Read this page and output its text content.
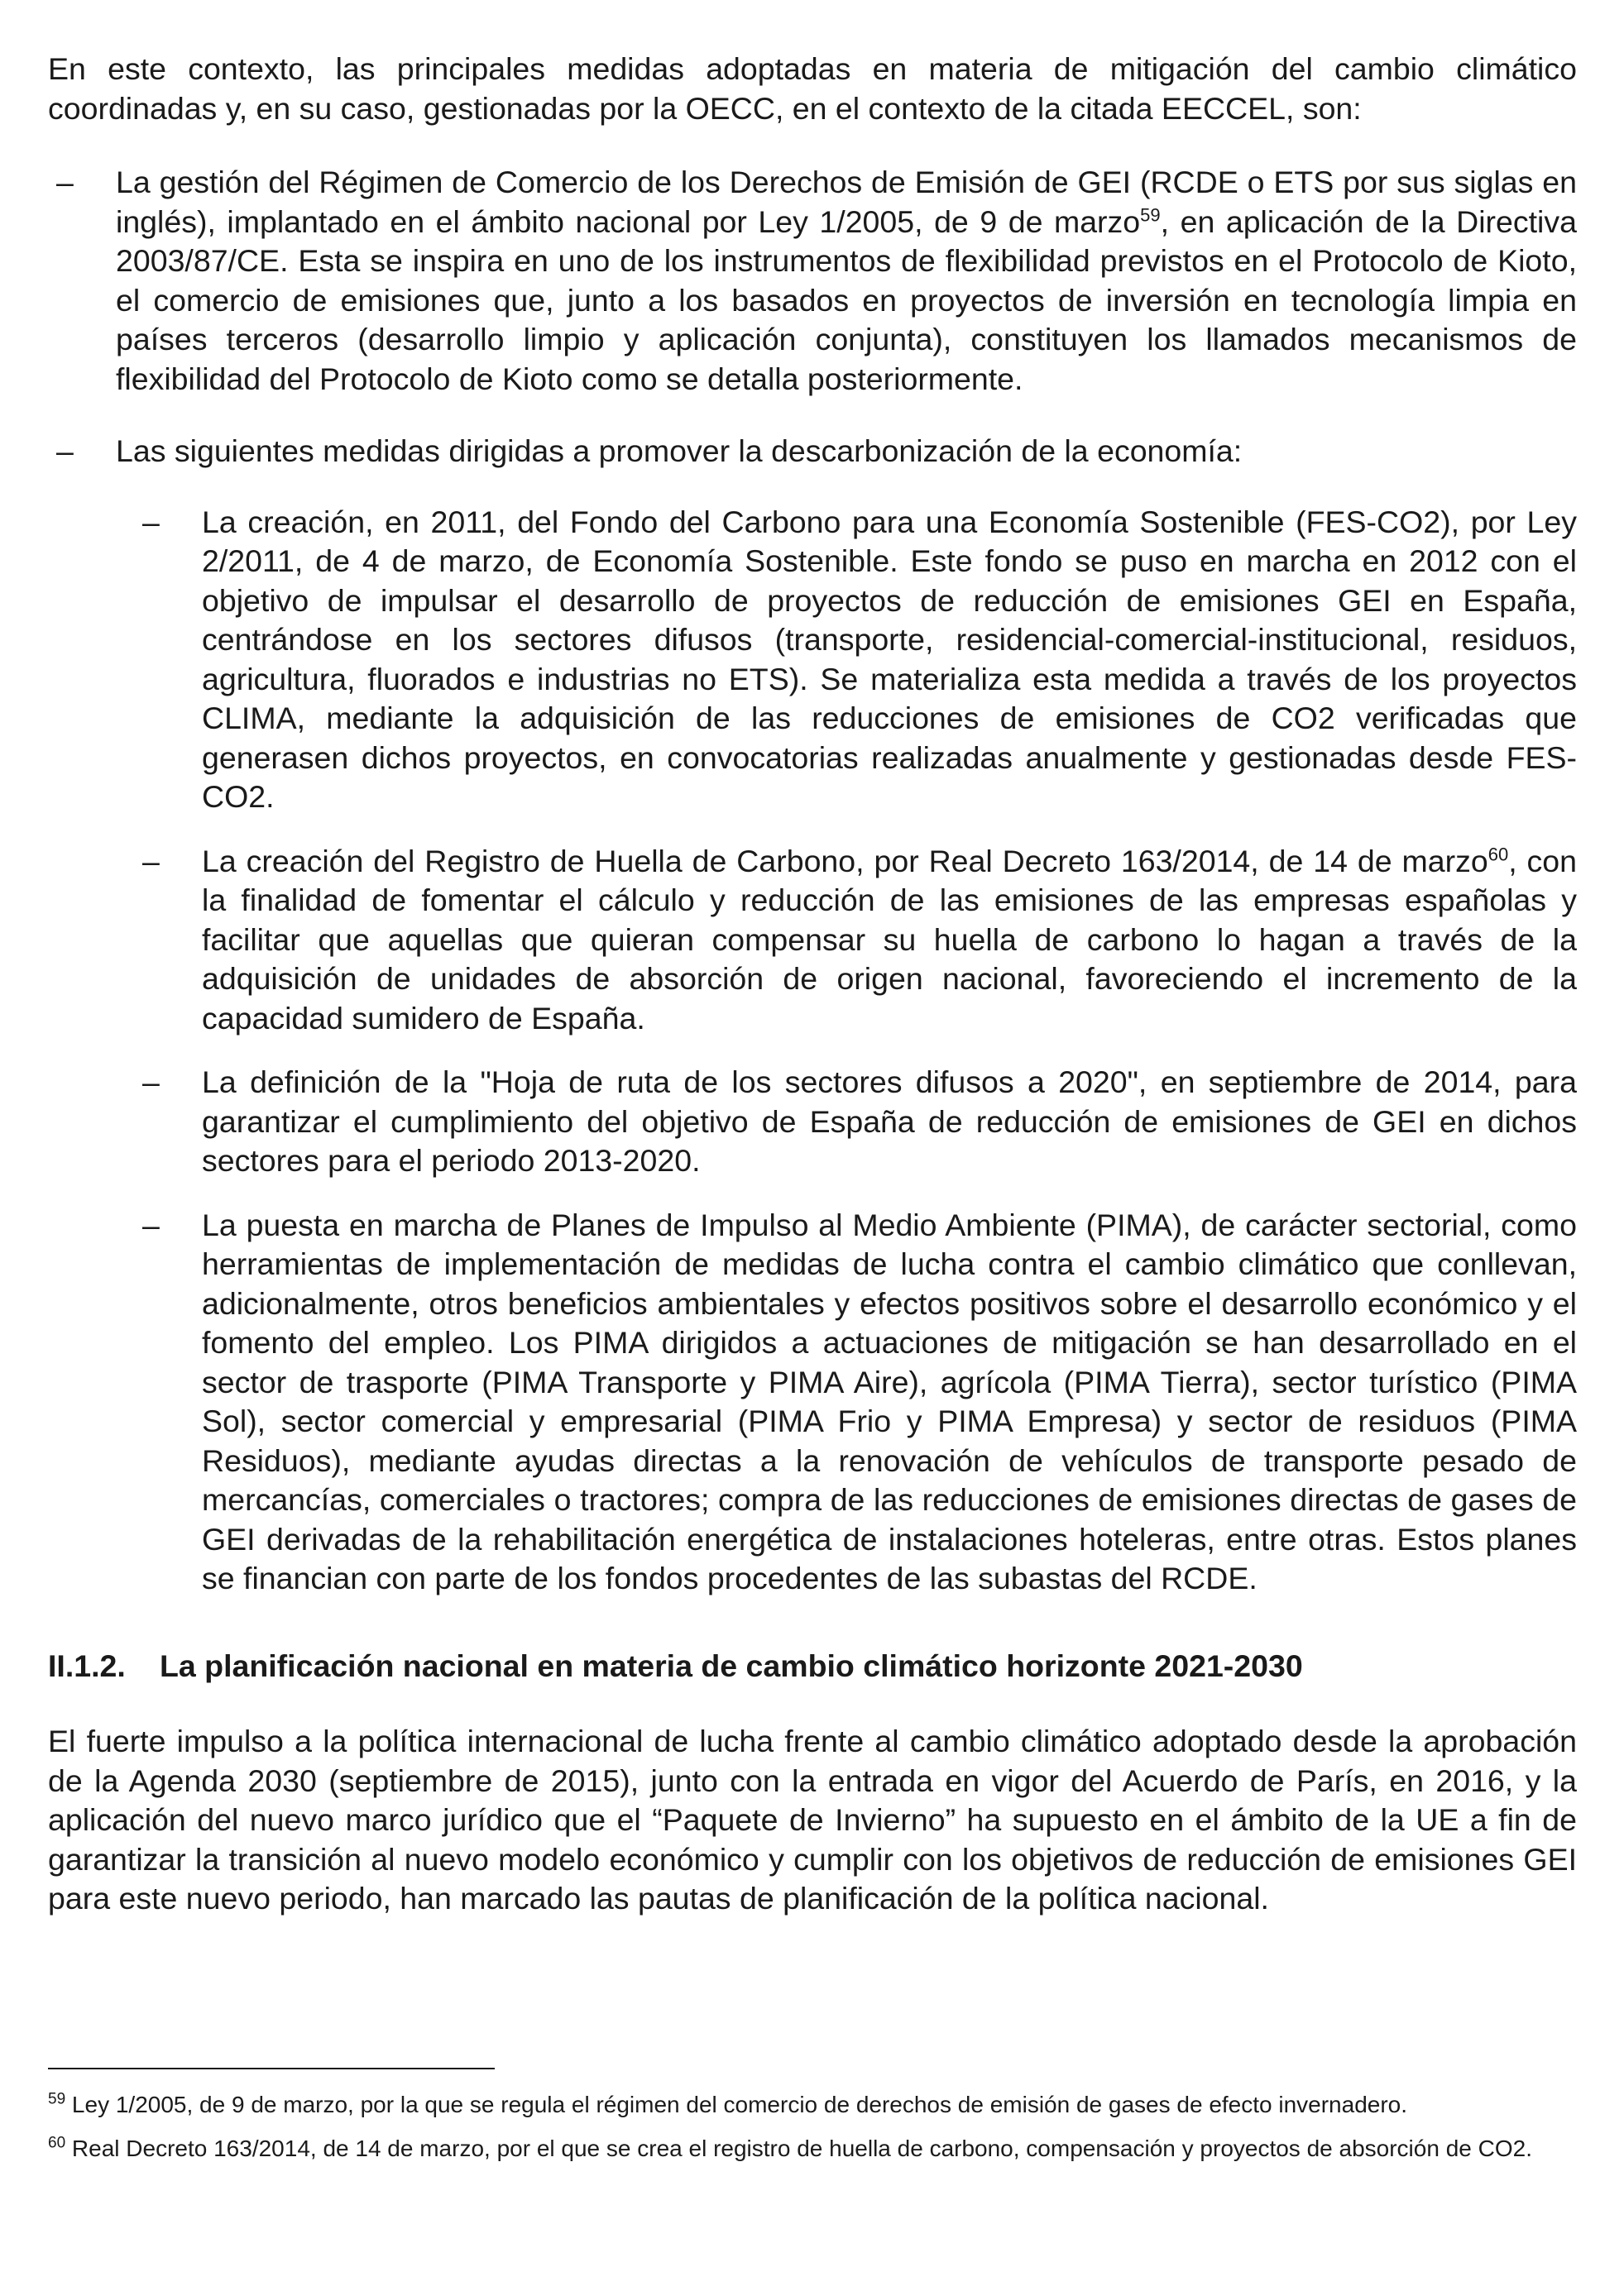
En este contexto, las principales medidas adoptadas en materia de mitigación del cambio climático coordinadas y, en su caso, gestionadas por la OECC, en el contexto de la citada EECCEL, son:

– La gestión del Régimen de Comercio de los Derechos de Emisión de GEI (RCDE o ETS por sus siglas en inglés), implantado en el ámbito nacional por Ley 1/2005, de 9 de marzo$^{59}$, en aplicación de la Directiva 2003/87/CE. Esta se inspira en uno de los instrumentos de flexibilidad previstos en el Protocolo de Kioto, el comercio de emisiones que, junto a los basados en proyectos de inversión en tecnología limpia en países terceros (desarrollo limpio y aplicación conjunta), constituyen los llamados mecanismos de flexibilidad del Protocolo de Kioto como se detalla posteriormente.

– Las siguientes medidas dirigidas a promover la descarbonización de la economía:

– La creación, en 2011, del Fondo del Carbono para una Economía Sostenible (FES-CO2), por Ley 2/2011, de 4 de marzo, de Economía Sostenible. Este fondo se puso en marcha en 2012 con el objetivo de impulsar el desarrollo de proyectos de reducción de emisiones GEI en España, centrándose en los sectores difusos (transporte, residencial-comercial-institucional, residuos, agricultura, fluorados e industrias no ETS). Se materializa esta medida a través de los proyectos CLIMA, mediante la adquisición de las reducciones de emisiones de CO2 verificadas que generasen dichos proyectos, en convocatorias realizadas anualmente y gestionadas desde FES-CO2.

– La creación del Registro de Huella de Carbono, por Real Decreto 163/2014, de 14 de marzo$^{60}$, con la finalidad de fomentar el cálculo y reducción de las emisiones de las empresas españolas y facilitar que aquellas que quieran compensar su huella de carbono lo hagan a través de la adquisición de unidades de absorción de origen nacional, favoreciendo el incremento de la capacidad sumidero de España.

– La definición de la "Hoja de ruta de los sectores difusos a 2020", en septiembre de 2014, para garantizar el cumplimiento del objetivo de España de reducción de emisiones de GEI en dichos sectores para el periodo 2013-2020.

– La puesta en marcha de Planes de Impulso al Medio Ambiente (PIMA), de carácter sectorial, como herramientas de implementación de medidas de lucha contra el cambio climático que conllevan, adicionalmente, otros beneficios ambientales y efectos positivos sobre el desarrollo económico y el fomento del empleo. Los PIMA dirigidos a actuaciones de mitigación se han desarrollado en el sector de trasporte (PIMA Transporte y PIMA Aire), agrícola (PIMA Tierra), sector turístico (PIMA Sol), sector comercial y empresarial (PIMA Frio y PIMA Empresa) y sector de residuos (PIMA Residuos), mediante ayudas directas a la renovación de vehículos de transporte pesado de mercancías, comerciales o tractores; compra de las reducciones de emisiones directas de gases de GEI derivadas de la rehabilitación energética de instalaciones hoteleras, entre otras. Estos planes se financian con parte de los fondos procedentes de las subastas del RCDE.

II.1.2. La planificación nacional en materia de cambio climático horizonte 2021-2030

El fuerte impulso a la política internacional de lucha frente al cambio climático adoptado desde la aprobación de la Agenda 2030 (septiembre de 2015), junto con la entrada en vigor del Acuerdo de París, en 2016, y la aplicación del nuevo marco jurídico que el “Paquete de Invierno” ha supuesto en el ámbito de la UE a fin de garantizar la transición al nuevo modelo económico y cumplir con los objetivos de reducción de emisiones GEI para este nuevo periodo, han marcado las pautas de planificación de la política nacional.

$^{59}$ Ley 1/2005, de 9 de marzo, por la que se regula el régimen del comercio de derechos de emisión de gases de efecto invernadero.

$^{60}$ Real Decreto 163/2014, de 14 de marzo, por el que se crea el registro de huella de carbono, compensación y proyectos de absorción de CO2.
